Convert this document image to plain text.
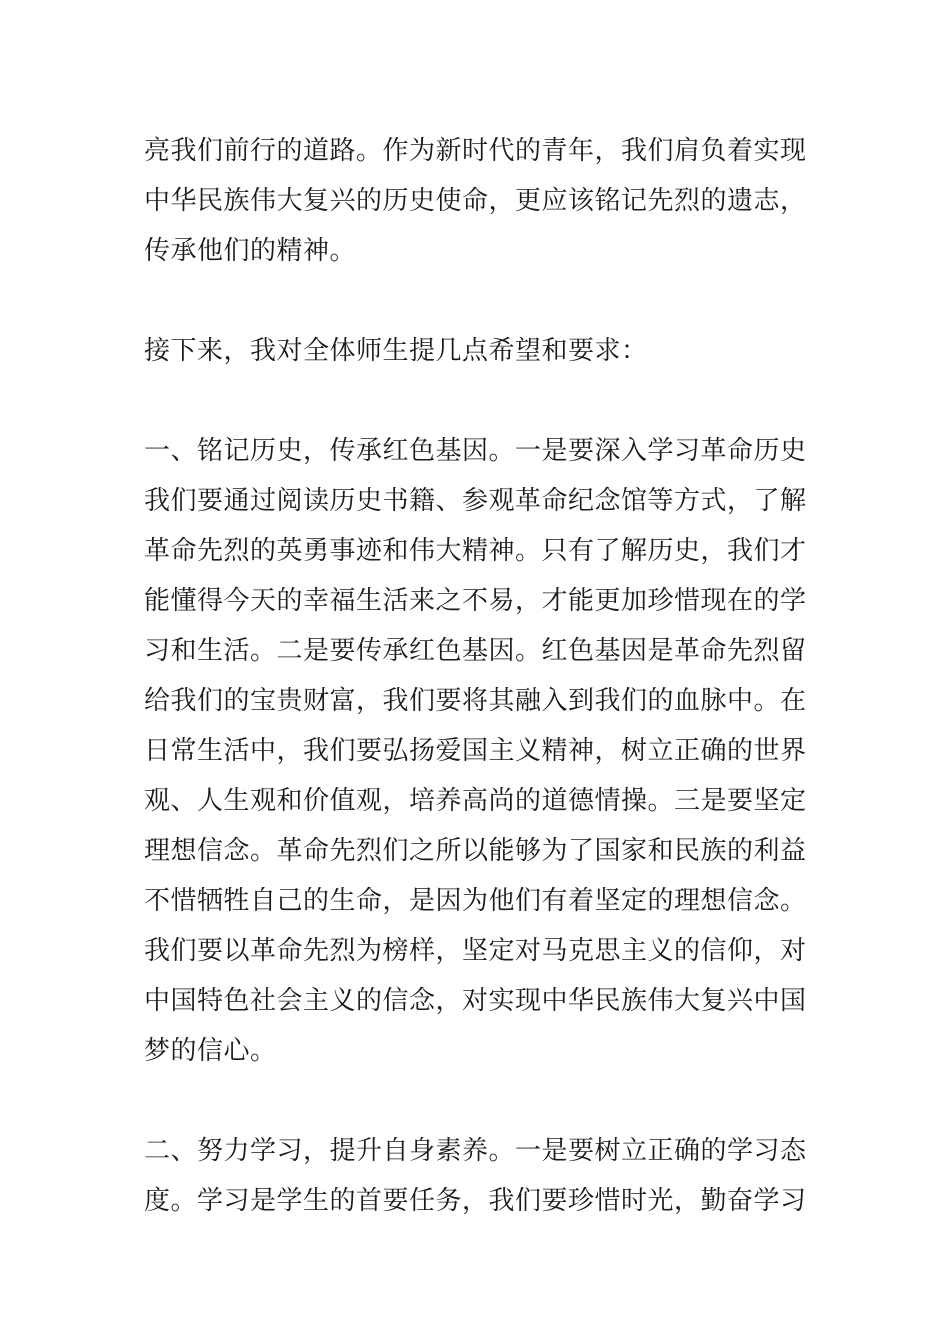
亮我们前行的道路。作为新时代的青年，我们肩负着实现
中华民族伟大复兴的历史使命，更应该铭记先烈的遗志，
传承他们的精神。
接下来，我对全体师生提几点希望和要求：
一、铭记历史，传承红色基因。一是要深入学习革命历史
我们要通过阅读历史书籍、参观革命纪念馆等方式，了解
革命先烈的英勇事迹和伟大精神。只有了解历史，我们才
能懂得今天的幸福生活来之不易，才能更加珍惜现在的学
习和生活。二是要传承红色基因。红色基因是革命先烈留
给我们的宝贵财富，我们要将其融入到我们的血脉中。在
日常生活中，我们要弘扬爱国主义精神，树立正确的世界
观、人生观和价值观，培养高尚的道德情操。三是要坚定
理想信念。革命先烈们之所以能够为了国家和民族的利益
不惜牺牲自己的生命，是因为他们有着坚定的理想信念。
我们要以革命先烈为榜样，坚定对马克思主义的信仰，对
中国特色社会主义的信念，对实现中华民族伟大复兴中国
梦的信心。
二、努力学习，提升自身素养。一是要树立正确的学习态
度。学习是学生的首要任务，我们要珍惜时光，勤奋学习
